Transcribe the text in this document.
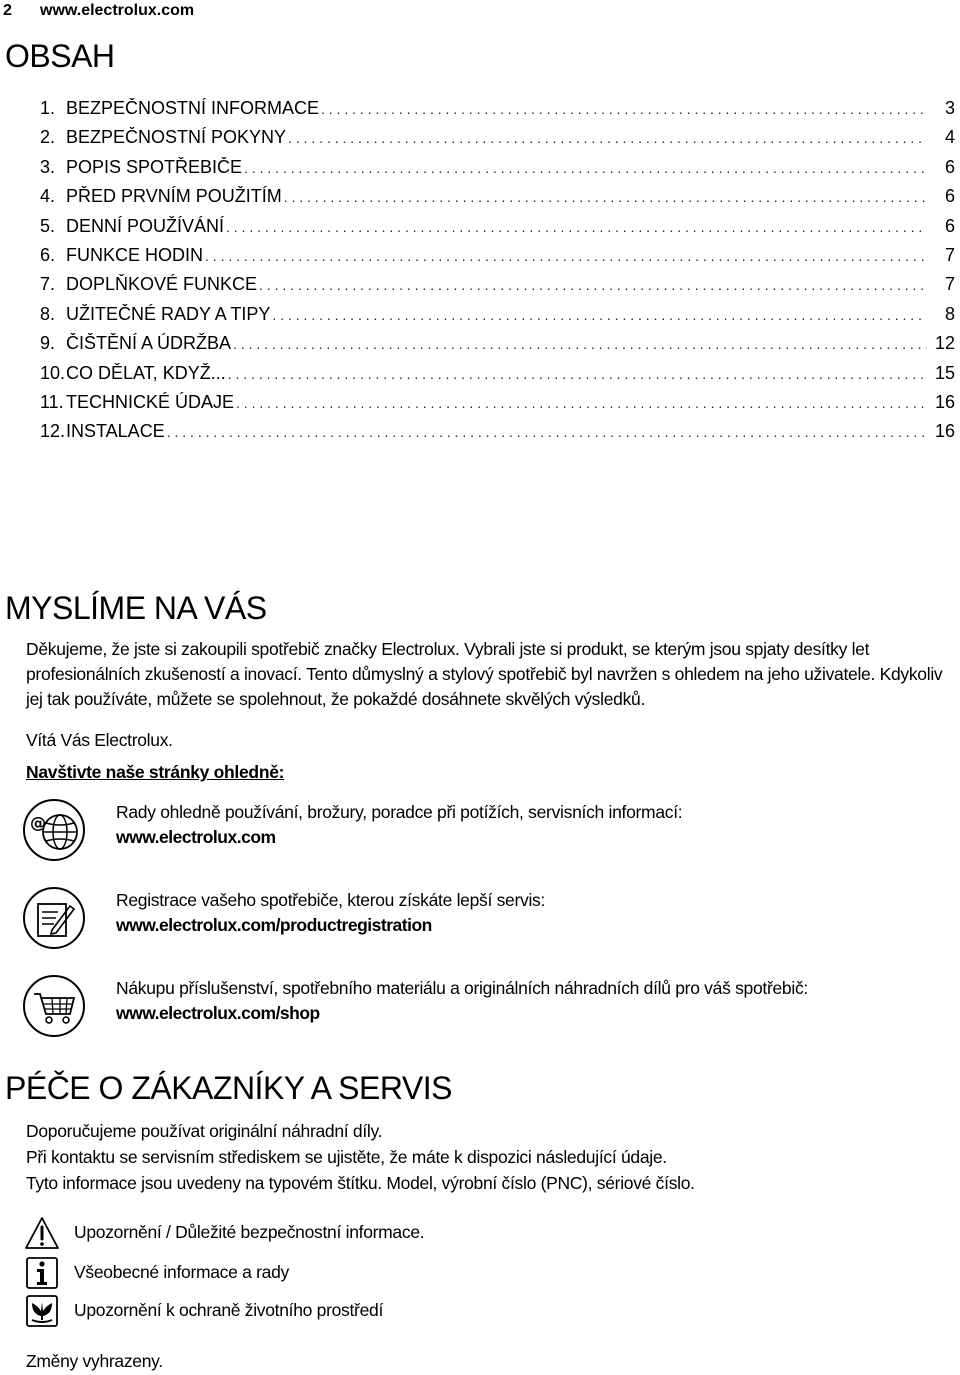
2 www.electrolux.com
OBSAH
1. BEZPEČNOSTNÍ INFORMACE . . .	3
2. BEZPEČNOSTNÍ POKYNY . . .	4
3. POPIS SPOTŘEBIČE . . .	6
4. PŘED PRVNÍM POUŽITÍM . . .	6
5. DENNÍ POUŽÍVÁNÍ . . .	6
6. FUNKCE HODIN . . .	7
7. DOPLŇKOVÉ FUNKCE . . .	7
8. UŽITEČNÉ RADY A TIPY . . .	8
9. ČIŠTĚNÍ A ÚDRŽBA . . .	12
10. CO DĚLAT, KDYŽ... . . .	15
11. TECHNICKÉ ÚDAJE . . .	16
12. INSTALACE . . .	16
MYSLÍME NA VÁS

Děkujeme, že jste si zakoupili spotřebič značky Electrolux. Vybrali jste si produkt, se kterým jsou spjaty desítky let profesionálních zkušeností a inovací. Tento důmyslný a stylový spotřebič byl navržen s ohledem na jeho uživatele. Kdykoliv jej tak používáte, můžete se spolehnout, že pokaždé dosáhnete skvělých výsledků.

Vítá Vás Electrolux.

Navštivte naše stránky ohledně:

@
Rady ohledně používání, brožury, poradce při potížích, servisních informací:
www.electrolux.com
Registrace vašeho spotřebiče, kterou získáte lepší servis:
www.electrolux.com/productregistration
Nákupu příslušenství, spotřebního materiálu a originálních náhradních dílů pro váš spotřebič:
www.electrolux.com/shop
PÉČE O ZÁKAZNÍKY A SERVIS
Doporučujeme používat originální náhradní díly.
Při kontaktu se servisním střediskem se ujistěte, že máte k dispozici následující údaje.
Tyto informace jsou uvedeny na typovém štítku. Model, výrobní číslo (PNC), sériové číslo.
Upozornění / Důležité bezpečnostní informace.
Všeobecné informace a rady
Upozornění k ochraně životního prostředí

Změny vyhrazeny.
